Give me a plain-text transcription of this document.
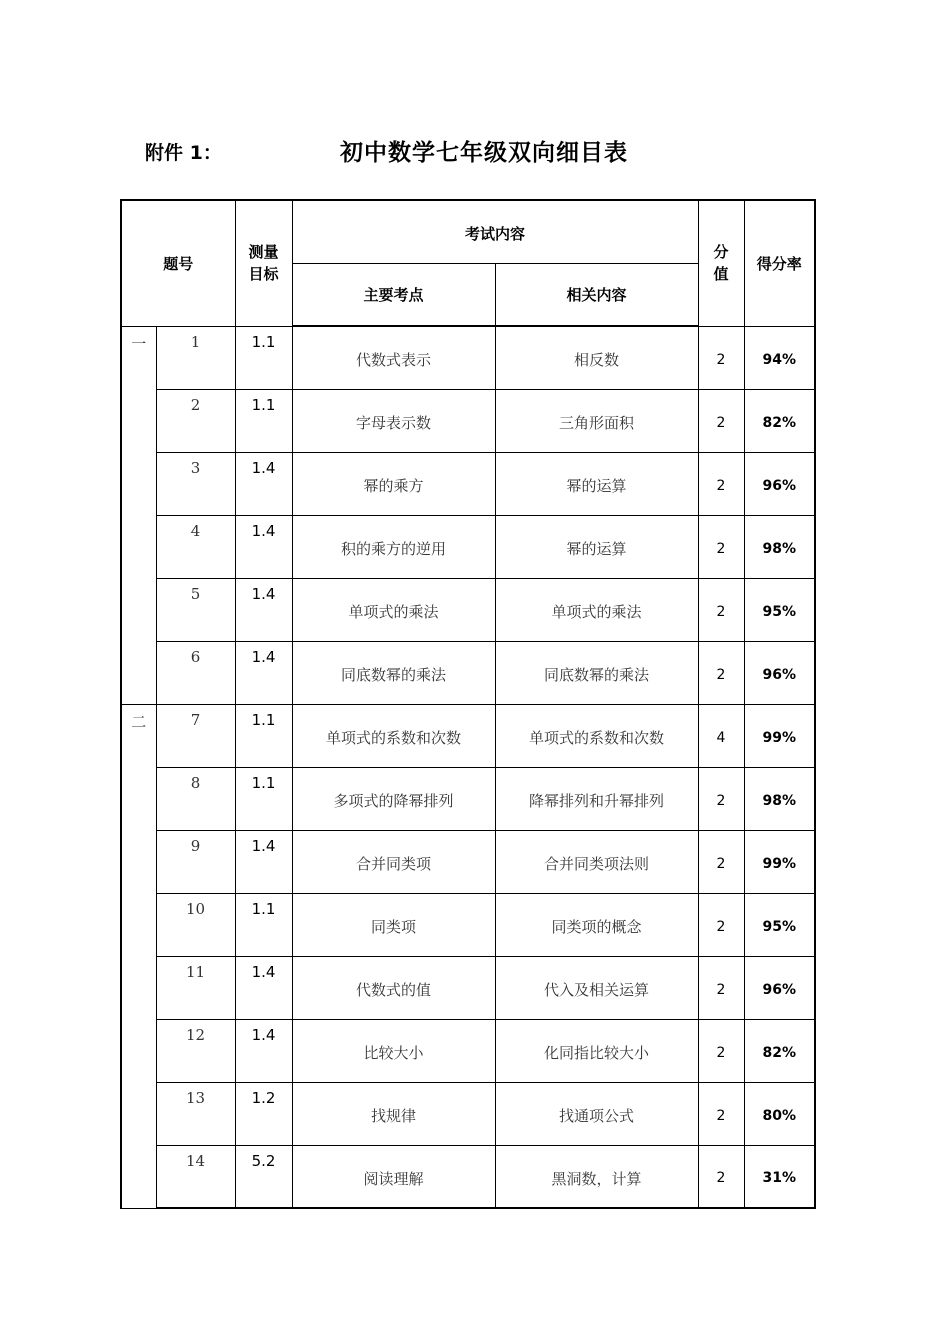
附件 1：	初中数学七年级双向细目表
题号		测量目标	考试内容		分值	得分率
			主要考点	相关内容		
一	1	1.1	代数式表示	相反数	2	94%
	2	1.1	字母表示数	三角形面积	2	82%
	3	1.4	幂的乘方	幂的运算	2	96%
	4	1.4	积的乘方的逆用	幂的运算	2	98%
	5	1.4	单项式的乘法	单项式的乘法	2	95%
	6	1.4	同底数幂的乘法	同底数幂的乘法	2	96%
二	7	1.1	单项式的系数和次数	单项式的系数和次数	4	99%
	8	1.1	多项式的降幂排列	降幂排列和升幂排列	2	98%
	9	1.4	合并同类项	合并同类项法则	2	99%
	10	1.1	同类项	同类项的概念	2	95%
	11	1.4	代数式的值	代入及相关运算	2	96%
	12	1.4	比较大小	化同指比较大小	2	82%
	13	1.2	找规律	找通项公式	2	80%
	14	5.2	阅读理解	黑洞数，计算	2	31%
